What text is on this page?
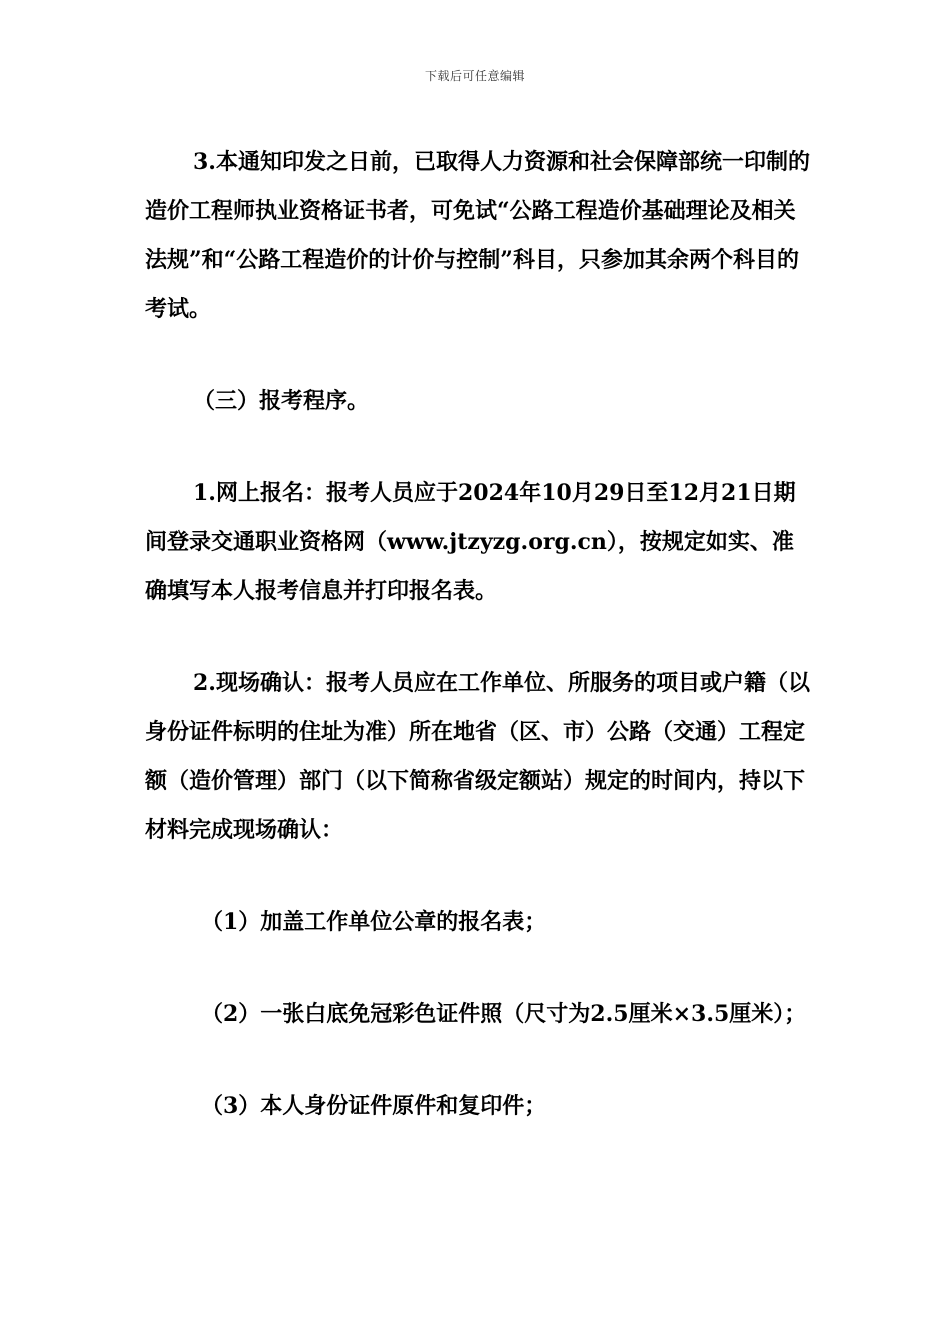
下载后可任意编辑

3.本通知印发之日前，已取得人力资源和社会保障部统一印制的造价工程师执业资格证书者，可免试“公路工程造价基础理论及相关法规”和“公路工程造价的计价与控制”科目，只参加其余两个科目的考试。

（三）报考程序。

1.网上报名：报考人员应于2024年10月29日至12月21日期间登录交通职业资格网（www.jtzyzg.org.cn），按规定如实、准确填写本人报考信息并打印报名表。

2.现场确认：报考人员应在工作单位、所服务的项目或户籍（以身份证件标明的住址为准）所在地省（区、市）公路（交通）工程定额（造价管理）部门（以下简称省级定额站）规定的时间内，持以下材料完成现场确认：

（1）加盖工作单位公章的报名表；

（2）一张白底免冠彩色证件照（尺寸为2.5厘米×3.5厘米）；

（3）本人身份证件原件和复印件；
